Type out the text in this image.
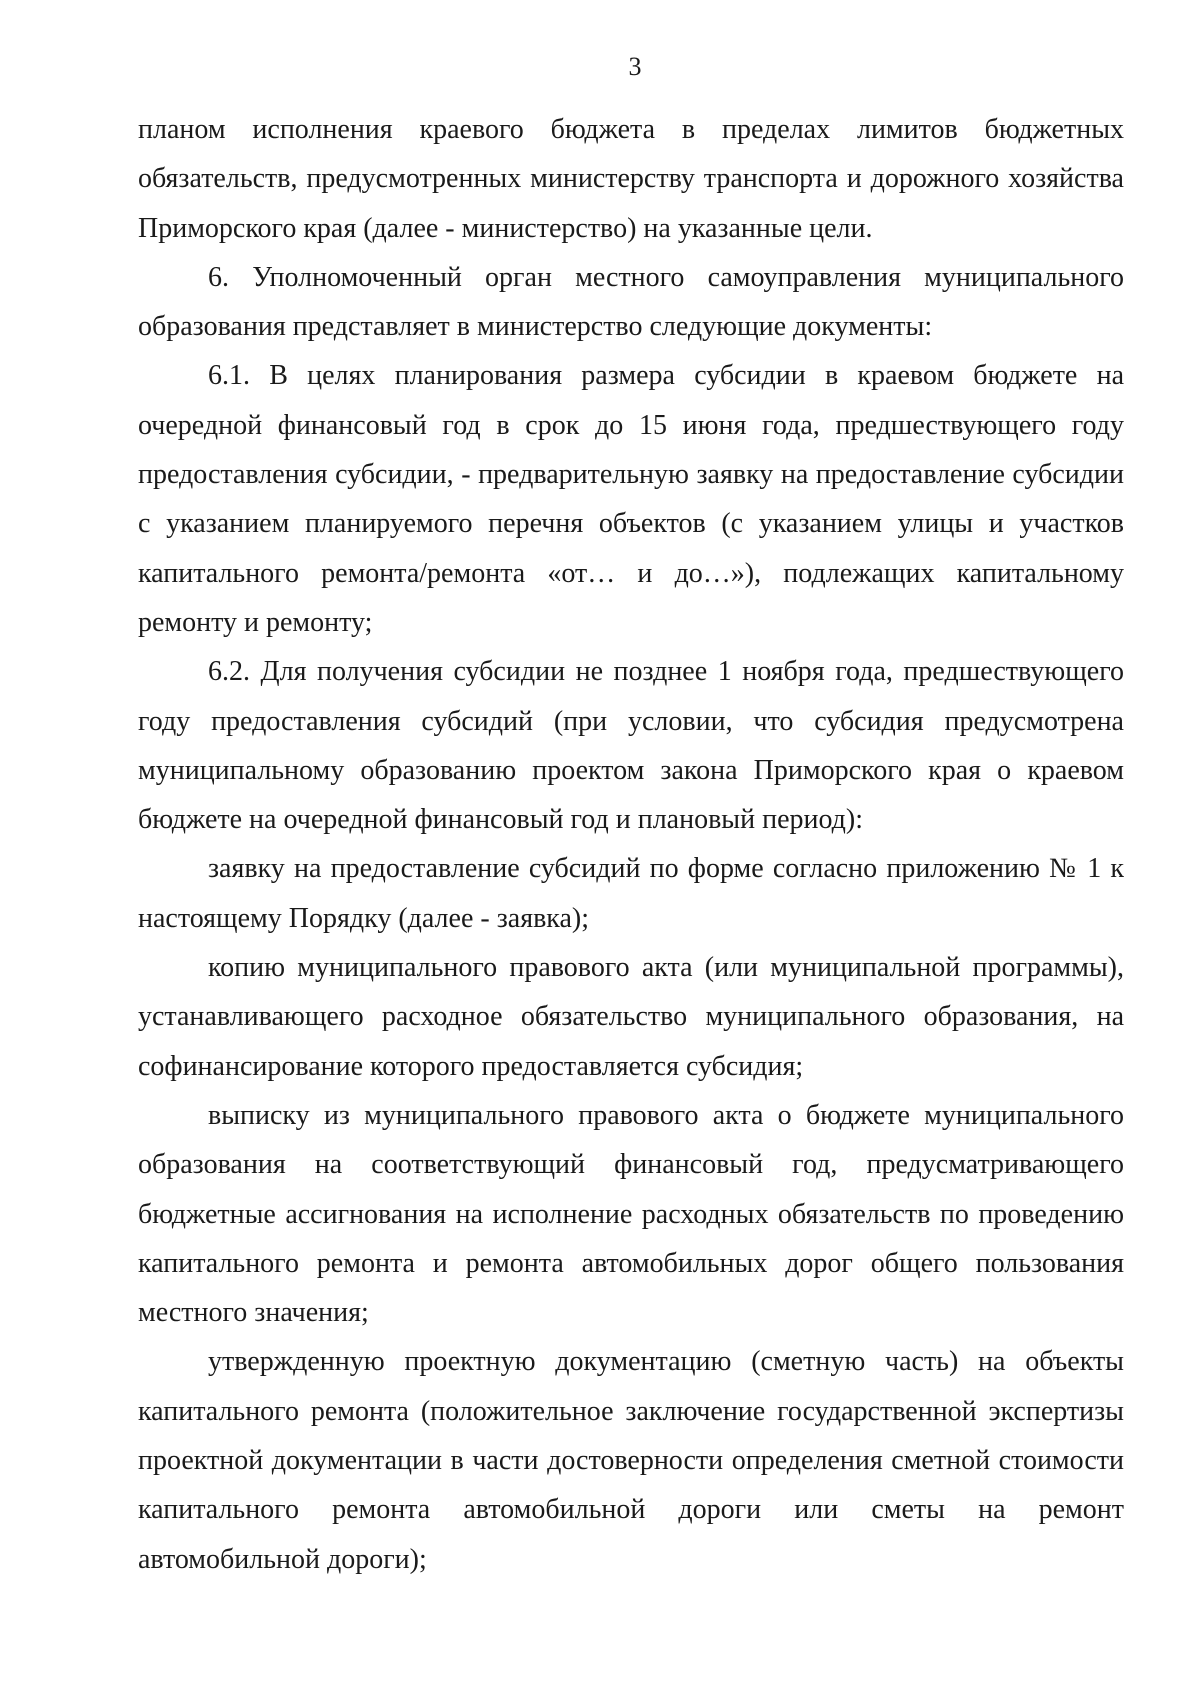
3

планом исполнения краевого бюджета в пределах лимитов бюджетных обязательств, предусмотренных министерству транспорта и дорожного хозяйства Приморского края (далее - министерство) на указанные цели.

6. Уполномоченный орган местного самоуправления муниципального образования представляет в министерство следующие документы:

6.1. В целях планирования размера субсидии в краевом бюджете на очередной финансовый год в срок до 15 июня года, предшествующего году предоставления субсидии, - предварительную заявку на предоставление субсидии с указанием планируемого перечня объектов (с указанием улицы и участков капитального ремонта/ремонта «от… и до…»), подлежащих капитальному ремонту и ремонту;

6.2. Для получения субсидии не позднее 1 ноября года, предшествующего году предоставления субсидий (при условии, что субсидия предусмотрена муниципальному образованию проектом закона Приморского края о краевом бюджете на очередной финансовый год и плановый период):

заявку на предоставление субсидий по форме согласно приложению № 1 к настоящему Порядку (далее - заявка);

копию муниципального правового акта (или муниципальной программы), устанавливающего расходное обязательство муниципального образования, на софинансирование которого предоставляется субсидия;

выписку из муниципального правового акта о бюджете муниципального образования на соответствующий финансовый год, предусматривающего бюджетные ассигнования на исполнение расходных обязательств по проведению капитального ремонта и ремонта автомобильных дорог общего пользования местного значения;

утвержденную проектную документацию (сметную часть) на объекты капитального ремонта (положительное заключение государственной экспертизы проектной документации в части достоверности определения сметной стоимости капитального ремонта автомобильной дороги или сметы на ремонт автомобильной дороги);
